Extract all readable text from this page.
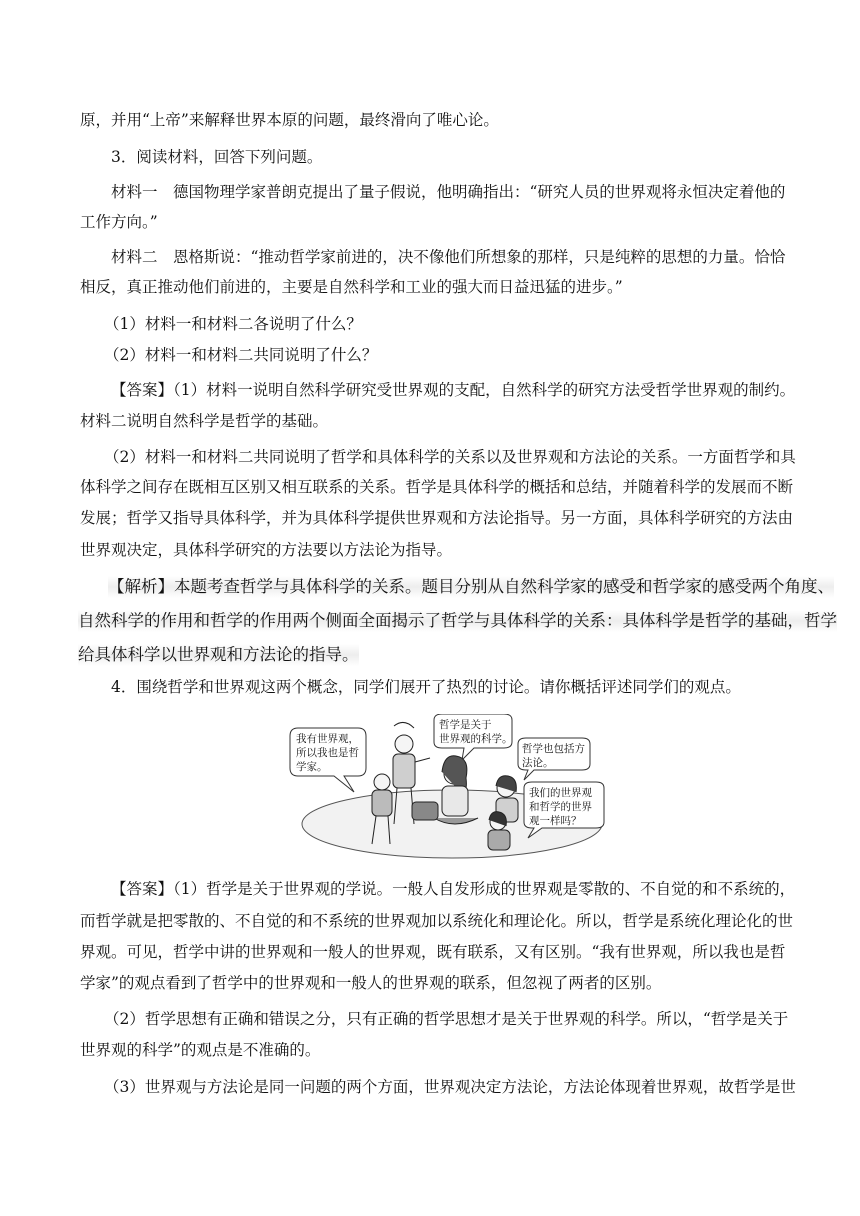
原，并用“上帝”来解释世界本原的问题，最终滑向了唯心论。
3．阅读材料，回答下列问题。
材料一　德国物理学家普朗克提出了量子假说，他明确指出：“研究人员的世界观将永恒决定着他的
工作方向。”
材料二　恩格斯说：“推动哲学家前进的，决不像他们所想象的那样，只是纯粹的思想的力量。恰恰
相反，真正推动他们前进的，主要是自然科学和工业的强大而日益迅猛的进步。”
（1）材料一和材料二各说明了什么？
（2）材料一和材料二共同说明了什么？
【答案】（1）材料一说明自然科学研究受世界观的支配，自然科学的研究方法受哲学世界观的制约。
材料二说明自然科学是哲学的基础。
（2）材料一和材料二共同说明了哲学和具体科学的关系以及世界观和方法论的关系。一方面哲学和具
体科学之间存在既相互区别又相互联系的关系。哲学是具体科学的概括和总结，并随着科学的发展而不断
发展；哲学又指导具体科学，并为具体科学提供世界观和方法论指导。另一方面，具体科学研究的方法由
世界观决定，具体科学研究的方法要以方法论为指导。
【解析】本题考查哲学与具体科学的关系。题目分别从自然科学家的感受和哲学家的感受两个角度、
自然科学的作用和哲学的作用两个侧面全面揭示了哲学与具体科学的关系：具体科学是哲学的基础，哲学
给具体科学以世界观和方法论的指导。
4．围绕哲学和世界观这两个概念，同学们展开了热烈的讨论。请你概括评述同学们的观点。
我有世界观，
所以我也是哲
学家。
哲学是关于
世界观的科学。
哲学也包括方
法论。
我们的世界观
和哲学的世界
观一样吗？
【答案】（1）哲学是关于世界观的学说。一般人自发形成的世界观是零散的、不自觉的和不系统的，
而哲学就是把零散的、不自觉的和不系统的世界观加以系统化和理论化。所以，哲学是系统化理论化的世
界观。可见，哲学中讲的世界观和一般人的世界观，既有联系，又有区别。“我有世界观，所以我也是哲
学家”的观点看到了哲学中的世界观和一般人的世界观的联系，但忽视了两者的区别。
（2）哲学思想有正确和错误之分，只有正确的哲学思想才是关于世界观的科学。所以，“哲学是关于
世界观的科学”的观点是不准确的。
（3）世界观与方法论是同一问题的两个方面，世界观决定方法论，方法论体现着世界观，故哲学是世
